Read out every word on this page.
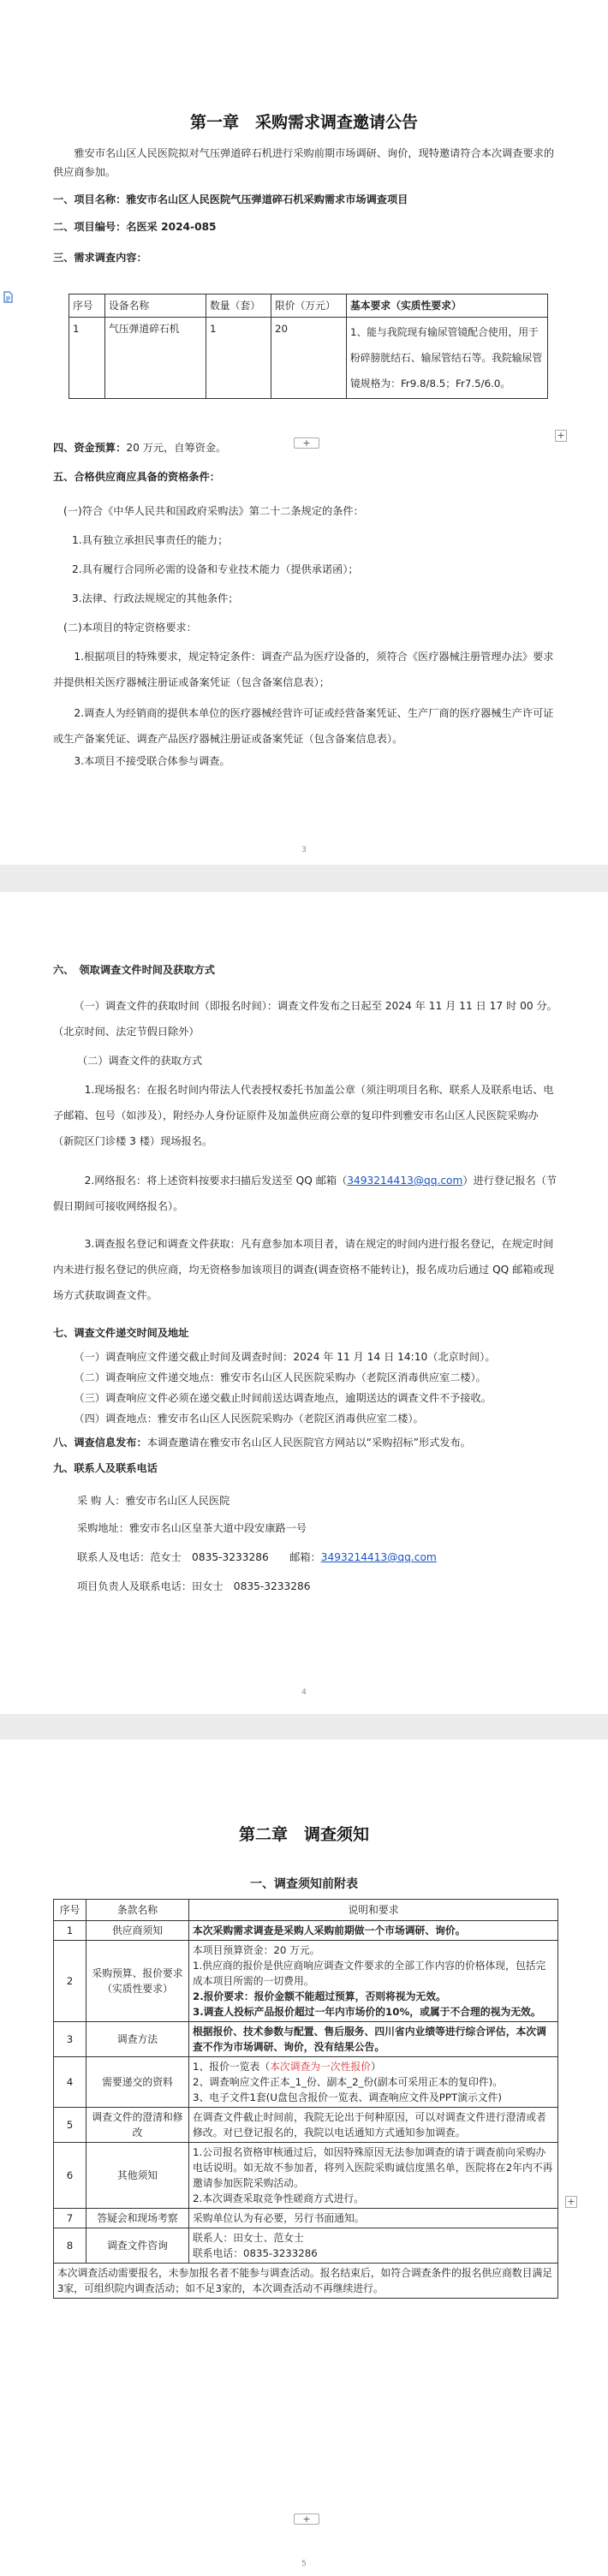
第一章　采购需求调查邀请公告
雅安市名山区人民医院拟对气压弹道碎石机进行采购前期市场调研、询价，现特邀请符合本次调查要求的供应商参加。
一、项目名称：雅安市名山区人民医院气压弹道碎石机采购需求市场调查项目
二、项目编号：名医采 2024-085
三、需求调查内容：
序号	设备名称	数量（套）	限价（万元）	基本要求（实质性要求）
1	气压弹道碎石机	1	20	1、能与我院现有输尿管镜配合使用，用于粉碎膀胱结石、输尿管结石等。我院输尿管镜规格为：Fr9.8/8.5；Fr7.5/6.0。
+
+
四、资金预算：20 万元，自筹资金。
五、合格供应商应具备的资格条件：
(一)符合《中华人民共和国政府采购法》第二十二条规定的条件：
1.具有独立承担民事责任的能力；
2.具有履行合同所必需的设备和专业技术能力（提供承诺函）；
3.法律、行政法规规定的其他条件；
(二)本项目的特定资格要求：
1.根据项目的特殊要求，规定特定条件：调查产品为医疗设备的，须符合《医疗器械注册管理办法》要求并提供相关医疗器械注册证或备案凭证（包含备案信息表）；
2.调查人为经销商的提供本单位的医疗器械经营许可证或经营备案凭证、生产厂商的医疗器械生产许可证或生产备案凭证、调查产品医疗器械注册证或备案凭证（包含备案信息表）。
3.本项目不接受联合体参与调查。
3
六、　领取调查文件时间及获取方式
（一）调查文件的获取时间（即报名时间）：调查文件发布之日起至 2024 年 11 月 11 日 17 时 00 分。（北京时间、法定节假日除外）
（二）调查文件的获取方式
1.现场报名：在报名时间内带法人代表授权委托书加盖公章（须注明项目名称、联系人及联系电话、电子邮箱、包号（如涉及），附经办人身份证原件及加盖供应商公章的复印件到雅安市名山区人民医院采购办（新院区门诊楼 3 楼）现场报名。
2.网络报名：将上述资料按要求扫描后发送至 QQ 邮箱（3493214413@qq.com）进行登记报名（节假日期间可接收网络报名）。
3.调查报名登记和调查文件获取：凡有意参加本项目者，请在规定的时间内进行报名登记，在规定时间内未进行报名登记的供应商，均无资格参加该项目的调查(调查资格不能转让)，报名成功后通过 QQ 邮箱或现场方式获取调查文件。
七、调查文件递交时间及地址
（一）调查响应文件递交截止时间及调查时间：2024 年 11 月 14 日 14:10（北京时间）。
（二）调查响应文件递交地点：雅安市名山区人民医院采购办（老院区消毒供应室二楼）。
（三）调查响应文件必须在递交截止时间前送达调查地点，逾期送达的调查文件不予接收。
（四）调查地点：雅安市名山区人民医院采购办（老院区消毒供应室二楼）。
八、调查信息发布：本调查邀请在雅安市名山区人民医院官方网站以“采购招标”形式发布。
九、联系人及联系电话
采 购 人：雅安市名山区人民医院
采购地址：雅安市名山区皇茶大道中段安康路一号
联系人及电话：范女士　0835-3233286　　邮箱：3493214413@qq.com
项目负责人及联系电话：田女士　0835-3233286
4
第二章　调查须知
一、调查须知前附表
序号	条款名称	说明和要求
1	供应商须知	本次采购需求调查是采购人采购前期做一个市场调研、询价。
2	采购预算、报价要求（实质性要求）	本项目预算资金：20 万元。
1.供应商的报价是供应商响应调查文件要求的全部工作内容的价格体现，包括完成本项目所需的一切费用。
2.报价要求：报价金额不能超过预算，否则将视为无效。
3.调查人投标产品报价超过一年内市场价的10%，或属于不合理的视为无效。

3	调查方法	根据报价、技术参数与配置、售后服务、四川省内业绩等进行综合评估，本次调查不作为市场调研、询价，没有结果公告。
4	需要递交的资料	1、报价一览表（本次调查为一次性报价）
2、调查响应文件正本_1_份、副本_2_份(副本可采用正本的复印件)。
3、电子文件1套(U盘包含报价一览表、调查响应文件及PPT演示文件)

5	调查文件的澄清和修改	在调查文件截止时间前，我院无论出于何种原因，可以对调查文件进行澄清或者修改。对已登记报名的，我院以电话通知方式通知参加调查。
6	其他须知	1.公司报名资格审核通过后，如因特殊原因无法参加调查的请于调查前向采购办电话说明。如无故不参加者，将列入医院采购诚信度黑名单，医院将在2年内不再邀请参加医院采购活动。
2.本次调查采取竞争性磋商方式进行。

7	答疑会和现场考察	采购单位认为有必要，另行书面通知。
8	调查文件咨询	联系人：田女士、范女士
联系电话：0835-3233286

本次调查活动需要报名，未参加报名者不能参与调查活动。报名结束后，如符合调查条件的报名供应商数目满足3家，可组织院内调查活动；如不足3家的，本次调查活动不再继续进行。		
+
+
5
